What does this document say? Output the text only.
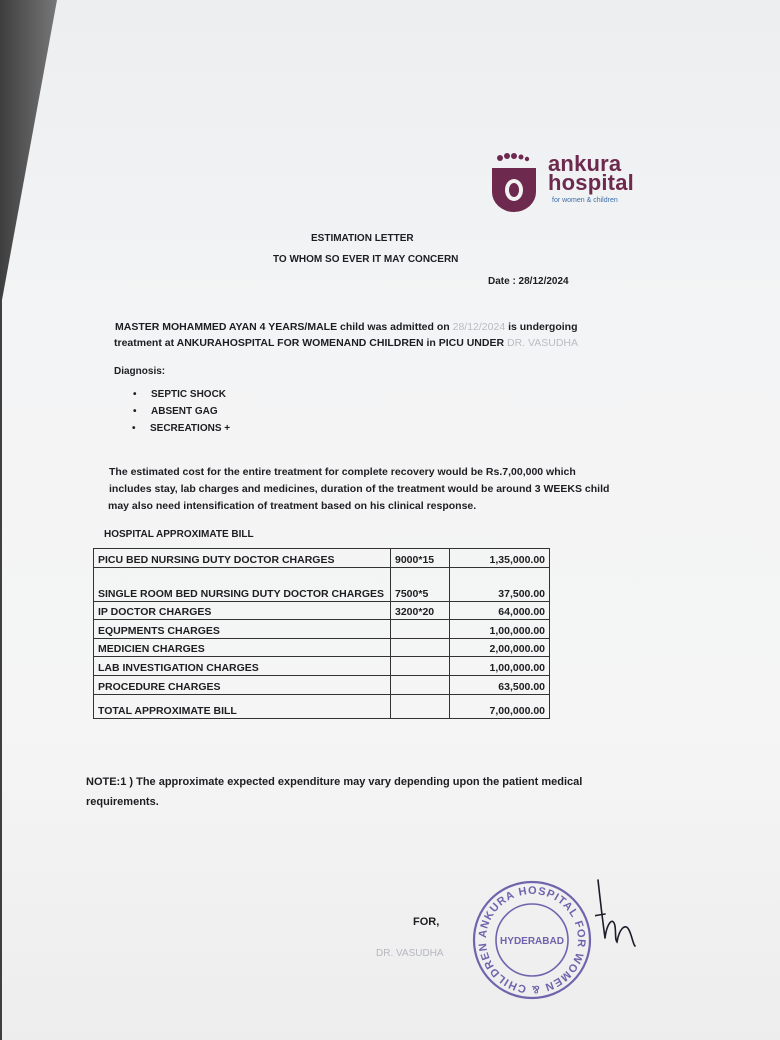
ankura
hospital
for women & children
ESTIMATION LETTER
TO WHOM SO EVER IT MAY CONCERN
Date : 28/12/2024
MASTER MOHAMMED AYAN 4 YEARS/MALE child was admitted on 28/12/2024 is undergoing
treatment at ANKURAHOSPITAL FOR WOMENAND CHILDREN in PICU UNDER DR. VASUDHA
Diagnosis:
• SEPTIC SHOCK
• ABSENT GAG
• SECREATIONS +
The estimated cost for the entire treatment for complete recovery would be Rs.7,00,000 which
includes stay, lab charges and medicines, duration of the treatment would be around 3 WEEKS child
may also need intensification of treatment based on his clinical response.
HOSPITAL APPROXIMATE BILL
PICU BED NURSING DUTY DOCTOR CHARGES	9000*15	1,35,000.00
SINGLE ROOM BED NURSING DUTY DOCTOR CHARGES	7500*5	37,500.00
IP DOCTOR CHARGES	3200*20	64,000.00
EQUPMENTS CHARGES		1,00,000.00
MEDICIEN CHARGES		2,00,000.00
LAB INVESTIGATION CHARGES		1,00,000.00
PROCEDURE CHARGES		63,500.00
TOTAL APPROXIMATE BILL		7,00,000.00
NOTE:1 ) The approximate expected expenditure may vary depending upon the patient medical requirements.
FOR,
DR. VASUDHA
ANKURA HOSPITAL FOR WOMEN & CHILDREN	HYDERABAD
